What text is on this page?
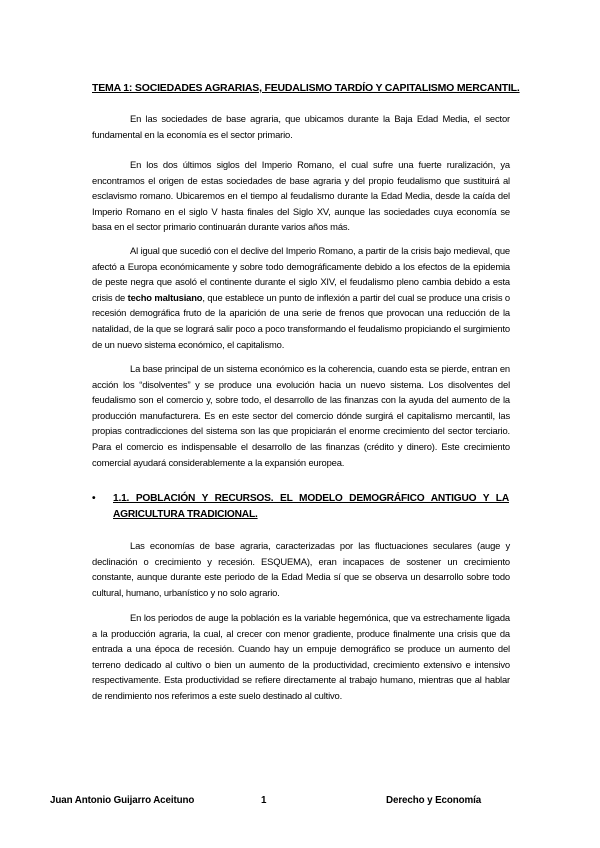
TEMA 1: SOCIEDADES AGRARIAS, FEUDALISMO TARDÍO Y CAPITALISMO MERCANTIL.

En las sociedades de base agraria, que ubicamos durante la Baja Edad Media, el sector fundamental en la economía es el sector primario.

En los dos últimos siglos del Imperio Romano, el cual sufre una fuerte ruralización, ya encontramos el origen de estas sociedades de base agraria y del propio feudalismo que sustituirá al esclavismo romano. Ubicaremos en el tiempo al feudalismo durante la Edad Media, desde la caída del Imperio Romano en el siglo V hasta finales del Siglo XV, aunque las sociedades cuya economía se basa en el sector primario continuarán durante varios años más.

Al igual que sucedió con el declive del Imperio Romano, a partir de la crisis bajo medieval, que afectó a Europa económicamente y sobre todo demográficamente debido a los efectos de la epidemia de peste negra que asoló el continente durante el siglo XIV, el feudalismo pleno cambia debido a esta crisis de techo maltusiano, que establece un punto de inflexión a partir del cual se produce una crisis o recesión demográfica fruto de la aparición de una serie de frenos que provocan una reducción de la natalidad, de la que se logrará salir poco a poco transformando el feudalismo propiciando el surgimiento de un nuevo sistema económico, el capitalismo.

La base principal de un sistema económico es la coherencia, cuando esta se pierde, entran en acción los “disolventes” y se produce una evolución hacia un nuevo sistema. Los disolventes del feudalismo son el comercio y, sobre todo, el desarrollo de las finanzas con la ayuda del aumento de la producción manufacturera. Es en este sector del comercio dónde surgirá el capitalismo mercantil, las propias contradicciones del sistema son las que propiciarán el enorme crecimiento del sector terciario. Para el comercio es indispensable el desarrollo de las finanzas (crédito y dinero). Este crecimiento comercial ayudará considerablemente a la expansión europea.

• 1.1. POBLACIÓN Y RECURSOS. EL MODELO DEMOGRÁFICO ANTIGUO Y LA AGRICULTURA TRADICIONAL.

Las economías de base agraria, caracterizadas por las fluctuaciones seculares (auge y declinación o crecimiento y recesión. ESQUEMA), eran incapaces de sostener un crecimiento constante, aunque durante este periodo de la Edad Media sí que se observa un desarrollo sobre todo cultural, humano, urbanístico y no solo agrario.

En los periodos de auge la población es la variable hegemónica, que va estrechamente ligada a la producción agraria, la cual, al crecer con menor gradiente, produce finalmente una crisis que da entrada a una época de recesión. Cuando hay un empuje demográfico se produce un aumento del terreno dedicado al cultivo o bien un aumento de la productividad, crecimiento extensivo e intensivo respectivamente. Esta productividad se refiere directamente al trabajo humano, mientras que al hablar de rendimiento nos referimos a este suelo destinado al cultivo.

Juan Antonio Guijarro Aceituno	1	Derecho y Economía
